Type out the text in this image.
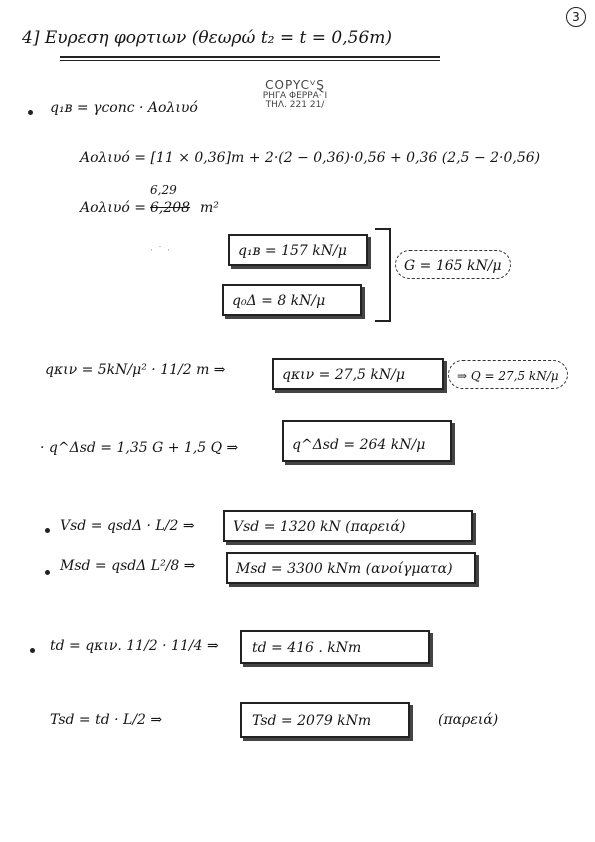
3
4] Ευρεση φορτιων (θεωρώ t₂ = t = 0,56m)
COPYCⱽⱾ
ΡΗΓΑ ΦΕΡΡΑ· Ι
ΤΗΛ. 221 21/
q₁ʙ = γconc · Αολιυό
Αολιυό = [11 × 0,36]m + 2·(2 − 0,36)·0,56 + 0,36 (2,5 − 2·0,56)
Αολιυό = 6,208
6,29
m²
· ˙ ·	q₁ʙ = 157 kN/μ
q₀Δ = 8 kN/μ
G = 165 kN/μ
qκιν = 5kN/μ² · 11/2 m ⇒	qκιν = 27,5 kN/μ	⇒ Q = 27,5 kN/μ
· q^Δsd = 1,35 G + 1,5 Q ⇒	q^Δsd = 264 kN/μ
Vsd = qsdΔ · L/2 ⇒	Vsd = 1320 kN (παρειά)
Msd = qsdΔ L²/8 ⇒	Msd = 3300 kNm (ανοίγματα)
td = qκιν. 11/2 · 11/4 ⇒	td = 416 . kNm
Tsd = td · L/2 ⇒	Tsd = 2079 kNm	(παρειά)
